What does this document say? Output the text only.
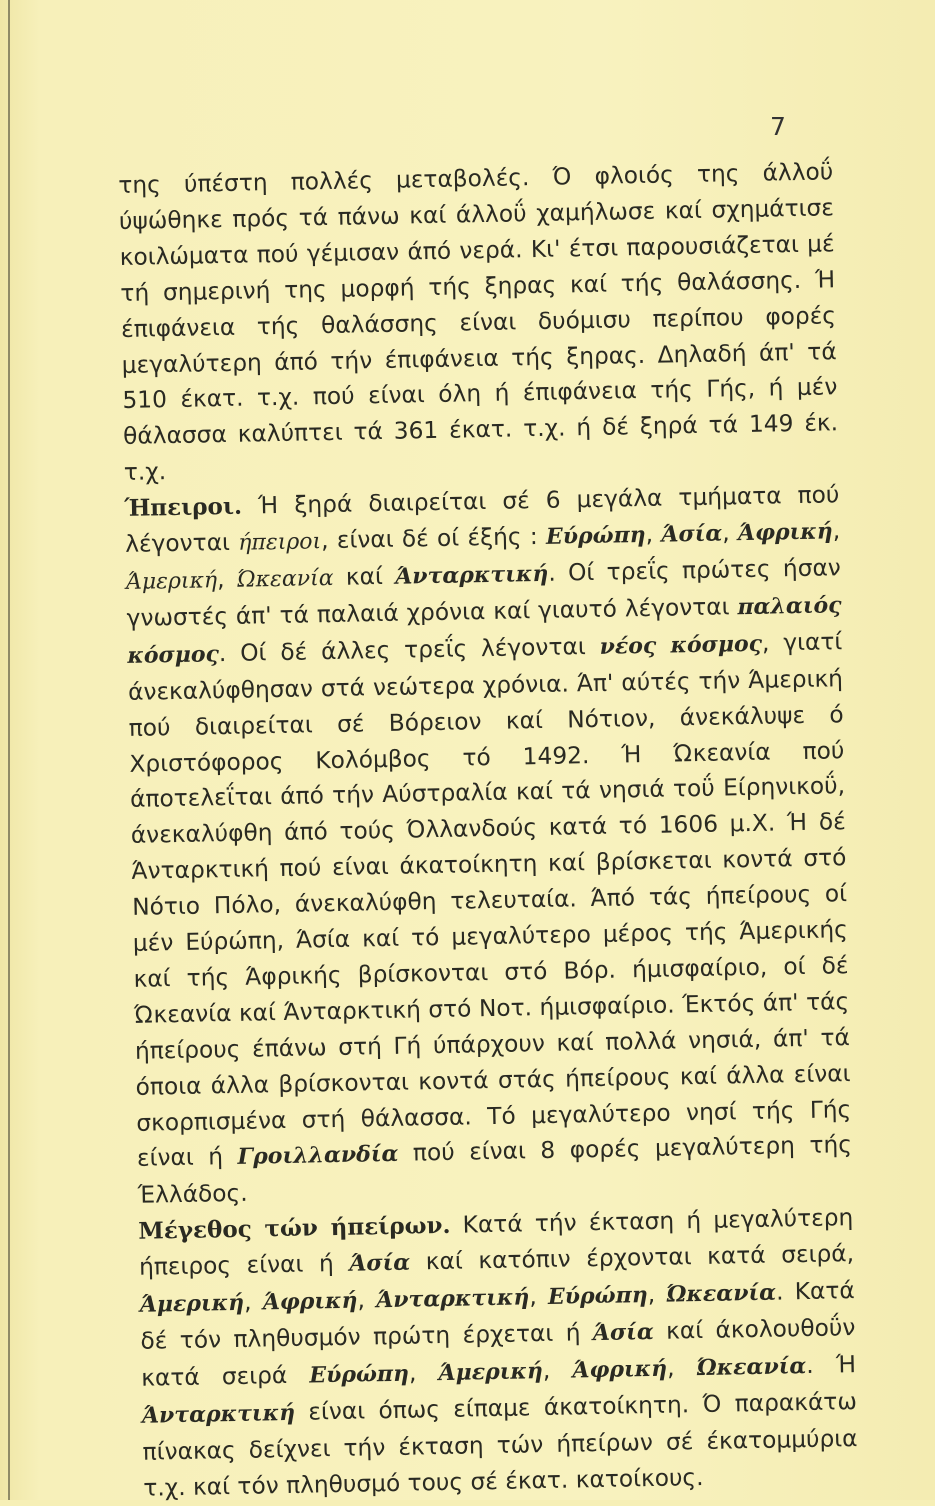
7

της ύπέστη πολλές μεταβολές. Ό φλοιός της άλλοΰ ύψώθηκε πρός τά πάνω καί άλλοΰ χαμήλωσε καί σχημάτισε κοιλώματα πού γέμισαν άπό νερά. Κι' έτσι παρουσιάζεται μέ τή σημερινή της μορφή τής ξηρας καί τής θαλάσσης. Ή έπιφάνεια τής θαλάσσης είναι δυόμισυ περίπου φορές μεγαλύτερη άπό τήν έπιφάνεια τής ξηρας. Δηλαδή άπ' τά 510 έκατ. τ.χ. πού είναι όλη ή έπιφάνεια τής Γής, ή μέν θάλασσα καλύπτει τά 361 έκατ. τ.χ. ή δέ ξηρά τά 149 έκ. τ.χ.

Ήπειροι. Ή ξηρά διαιρείται σέ 6 μεγάλα τμήματα πού λέγονται ήπειροι, είναι δέ οί έξής : Εύρώπη, Άσία, Άφρική, Άμερική, Ώκεανία καί Άνταρκτική. Οί τρεΐς πρώτες ήσαν γνωστές άπ' τά παλαιά χρόνια καί γιαυτό λέγονται παλαιός κόσμος. Οί δέ άλλες τρεΐς λέγονται νέος κόσμος, γιατί άνεκαλύφθησαν στά νεώτερα χρόνια. Άπ' αύτές τήν Άμερική πού διαιρείται σέ Βόρειον καί Νότιον, άνεκάλυψε ό Χριστόφορος Κολόμβος τό 1492. Ή Ώκεανία πού άποτελεΐται άπό τήν Αύστραλία καί τά νησιά τοΰ Είρηνικοΰ, άνεκαλύφθη άπό τούς Όλλανδούς κατά τό 1606 μ.Χ. Ή δέ Άνταρκτική πού είναι άκατοίκητη καί βρίσκεται κοντά στό Νότιο Πόλο, άνεκαλύφθη τελευταία. Άπό τάς ήπείρους οί μέν Εύρώπη, Άσία καί τό μεγαλύτερο μέρος τής Άμερικής καί τής Άφρικής βρίσκονται στό Βόρ. ήμισφαίριο, οί δέ Ώκεανία καί Άνταρκτική στό Νοτ. ήμισφαίριο. Έκτός άπ' τάς ήπείρους έπάνω στή Γή ύπάρχουν καί πολλά νησιά, άπ' τά όποια άλλα βρίσκονται κοντά στάς ήπείρους καί άλλα είναι σκορπισμένα στή θάλασσα. Τό μεγαλύτερο νησί τής Γής είναι ή Γροιλλανδία πού είναι 8 φορές μεγαλύτερη τής Έλλάδος.

Μέγεθος τών ήπείρων. Κατά τήν έκταση ή μεγαλύτερη ήπειρος είναι ή Άσία καί κατόπιν έρχονται κατά σειρά, Άμερική, Άφρική, Άνταρκτική, Εύρώπη, Ώκεανία. Κατά δέ τόν πληθυσμόν πρώτη έρχεται ή Άσία καί άκολουθοΰν κατά σειρά Εύρώπη, Άμερική, Άφρική, Ώκεανία. Ή Άνταρκτική είναι όπως είπαμε άκατοίκητη. Ό παρακάτω πίνακας δείχνει τήν έκταση τών ήπείρων σέ έκατομμύρια τ.χ. καί τόν πληθυσμό τους σέ έκατ. κατοίκους.
